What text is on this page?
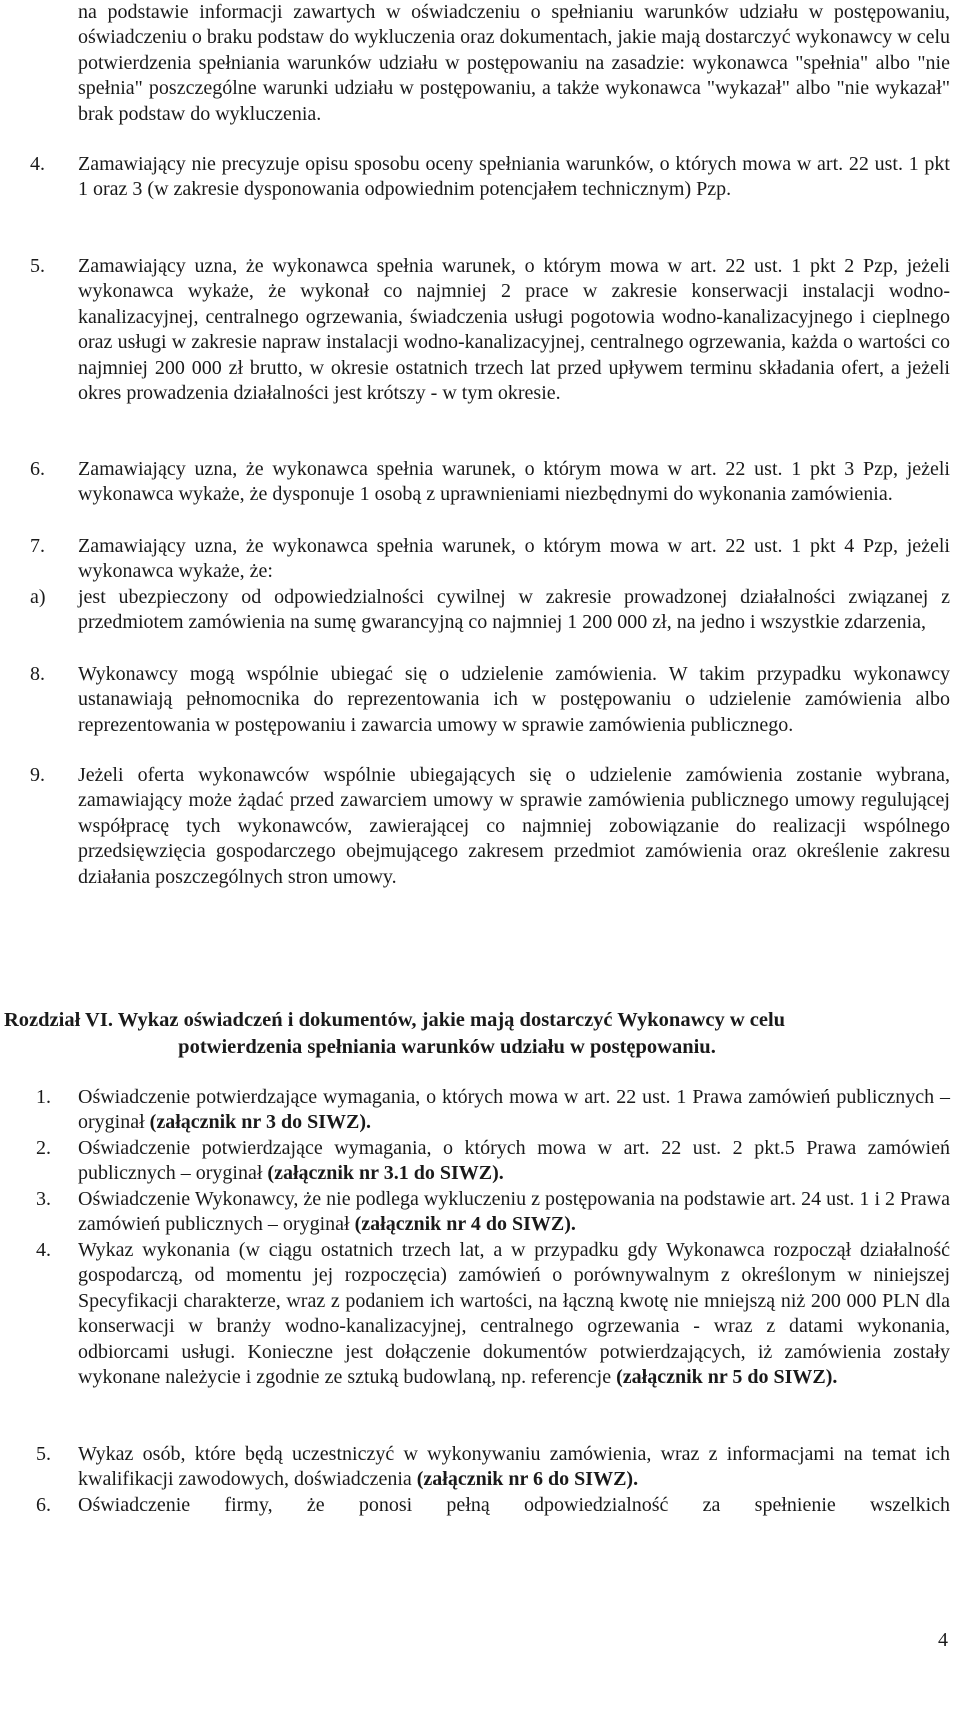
na podstawie informacji zawartych w oświadczeniu o spełnianiu warunków udziału w postępowaniu, oświadczeniu o braku podstaw do wykluczenia oraz dokumentach, jakie mają dostarczyć wykonawcy w celu potwierdzenia spełniania warunków udziału w postępowaniu na zasadzie: wykonawca "spełnia" albo "nie spełnia" poszczególne warunki udziału w postępowaniu, a także wykonawca "wykazał" albo "nie wykazał" brak podstaw do wykluczenia.
4. Zamawiający nie precyzuje opisu sposobu oceny spełniania warunków, o których mowa w art. 22 ust. 1 pkt 1 oraz 3 (w zakresie dysponowania odpowiednim potencjałem technicznym) Pzp.
5. Zamawiający uzna, że wykonawca spełnia warunek, o którym mowa w art. 22 ust. 1 pkt 2 Pzp, jeżeli wykonawca wykaże, że wykonał co najmniej 2 prace w zakresie konserwacji instalacji wodno-kanalizacyjnej, centralnego ogrzewania, świadczenia usługi pogotowia wodno-kanalizacyjnego i cieplnego oraz usługi w zakresie napraw instalacji wodno-kanalizacyjnej, centralnego ogrzewania, każda o wartości co najmniej 200 000 zł brutto, w okresie ostatnich trzech lat przed upływem terminu składania ofert, a jeżeli okres prowadzenia działalności jest krótszy - w tym okresie.
6. Zamawiający uzna, że wykonawca spełnia warunek, o którym mowa w art. 22 ust. 1 pkt 3 Pzp, jeżeli wykonawca wykaże, że dysponuje 1 osobą z uprawnieniami niezbędnymi do wykonania zamówienia.
7. Zamawiający uzna, że wykonawca spełnia warunek, o którym mowa w art. 22 ust. 1 pkt 4 Pzp, jeżeli wykonawca wykaże, że:
a) jest ubezpieczony od odpowiedzialności cywilnej w zakresie prowadzonej działalności związanej z przedmiotem zamówienia na sumę gwarancyjną co najmniej 1 200 000 zł, na jedno i wszystkie zdarzenia,
8. Wykonawcy mogą wspólnie ubiegać się o udzielenie zamówienia. W takim przypadku wykonawcy ustanawiają pełnomocnika do reprezentowania ich w postępowaniu o udzielenie zamówienia albo reprezentowania w postępowaniu i zawarcia umowy w sprawie zamówienia publicznego.
9. Jeżeli oferta wykonawców wspólnie ubiegających się o udzielenie zamówienia zostanie wybrana, zamawiający może żądać przed zawarciem umowy w sprawie zamówienia publicznego umowy regulującej współpracę tych wykonawców, zawierającej co najmniej zobowiązanie do realizacji wspólnego przedsięwzięcia gospodarczego obejmującego zakresem przedmiot zamówienia oraz określenie zakresu działania poszczególnych stron umowy.
Rozdział VI. Wykaz oświadczeń i dokumentów, jakie mają dostarczyć Wykonawcy w celu
potwierdzenia spełniania warunków udziału w postępowaniu.
1. Oświadczenie potwierdzające wymagania, o których mowa w art. 22 ust. 1 Prawa zamówień publicznych – oryginał (załącznik nr 3 do SIWZ).
2. Oświadczenie potwierdzające wymagania, o których mowa w art. 22 ust. 2 pkt.5 Prawa zamówień publicznych – oryginał (załącznik nr 3.1 do SIWZ).
3. Oświadczenie Wykonawcy, że nie podlega wykluczeniu z postępowania na podstawie art. 24 ust. 1 i 2 Prawa zamówień publicznych – oryginał (załącznik nr 4 do SIWZ).
4. Wykaz wykonania (w ciągu ostatnich trzech lat, a w przypadku gdy Wykonawca rozpoczął działalność gospodarczą, od momentu jej rozpoczęcia) zamówień o porównywalnym z określonym w niniejszej Specyfikacji charakterze, wraz z podaniem ich wartości, na łączną kwotę nie mniejszą niż 200 000 PLN dla konserwacji w branży wodno-kanalizacyjnej, centralnego ogrzewania - wraz z datami wykonania, odbiorcami usługi. Konieczne jest dołączenie dokumentów potwierdzających, iż zamówienia zostały wykonane należycie i zgodnie ze sztuką budowlaną, np. referencje (załącznik nr 5 do SIWZ).
5. Wykaz osób, które będą uczestniczyć w wykonywaniu zamówienia, wraz z informacjami na temat ich kwalifikacji zawodowych, doświadczenia (załącznik nr 6 do SIWZ).
6. Oświadczenie firmy, że ponosi pełną odpowiedzialność za spełnienie wszelkich
4
